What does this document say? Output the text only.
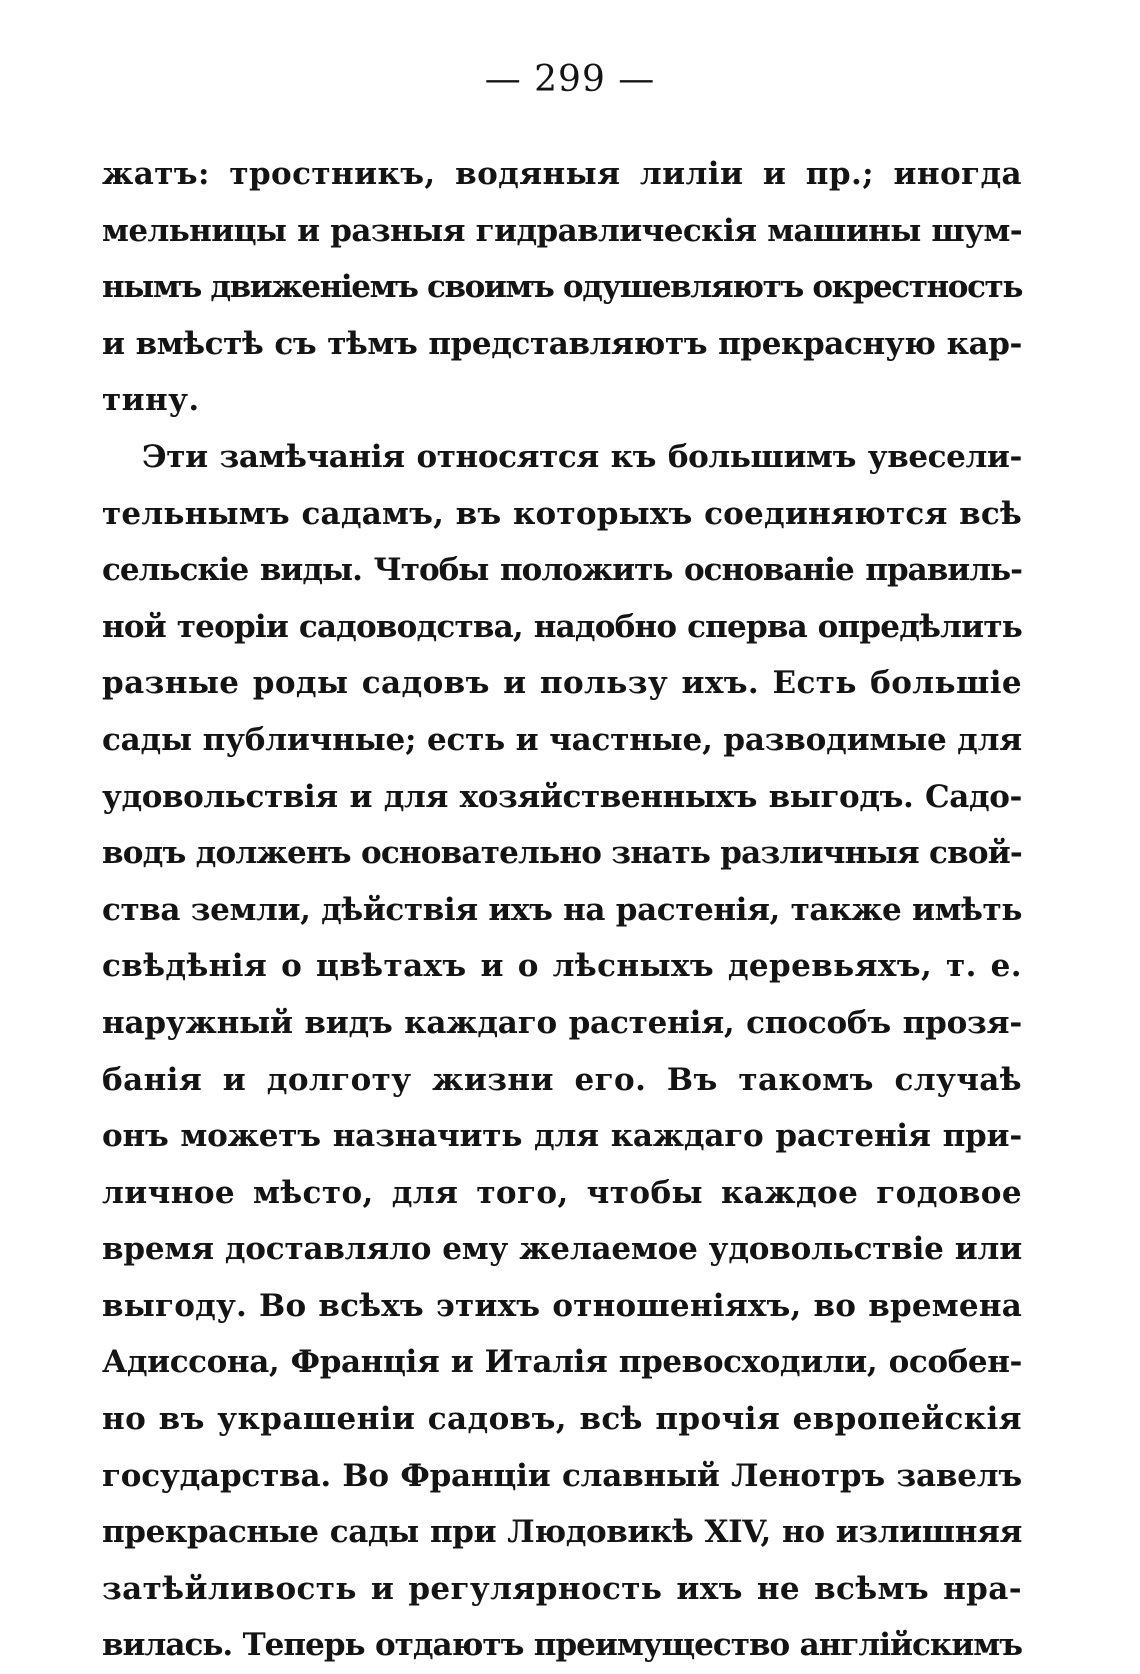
— 299 —
жатъ: тростникъ, водяныя лилiи и пр.; иногда
мельницы и разныя гидравлическiя машины шум-
нымъ движенiемъ своимъ одушевляютъ окрестность
и вмѣстѣ съ тѣмъ представляютъ прекрасную кар-
тину.
Эти замѣчанiя относятся къ большимъ увесели-
тельнымъ садамъ, въ которыхъ соединяются всѣ
сельскiе виды. Чтобы положить основанiе правиль-
ной теорiи садоводства, надобно сперва опредѣлить
разные роды садовъ и пользу ихъ. Есть большiе
сады публичные; есть и частные, разводимые для
удовольствiя и для хозяйственныхъ выгодъ. Садо-
водъ долженъ основательно знать различныя свой-
ства земли, дѣйствiя ихъ на растенiя, также имѣть
свѣдѣнiя о цвѣтахъ и о лѣсныхъ деревьяхъ, т. е.
наружный видъ каждаго растенiя, способъ прозя-
банiя и долготу жизни его. Въ такомъ случаѣ
онъ можетъ назначить для каждаго растенiя при-
личное мѣсто, для того, чтобы каждое годовое
время доставляло ему желаемое удовольствiе или
выгоду. Во всѣхъ этихъ отношенiяхъ, во времена
Адиссона, Францiя и Италiя превосходили, особен-
но въ украшенiи садовъ, всѣ прочiя европейскiя
государства. Во Францiи славный Ленотръ завелъ
прекрасные сады при Людовикѣ XIV, но излишняя
затѣйливость и регулярность ихъ не всѣмъ нра-
вилась. Теперь отдаютъ преимущество англiйскимъ
